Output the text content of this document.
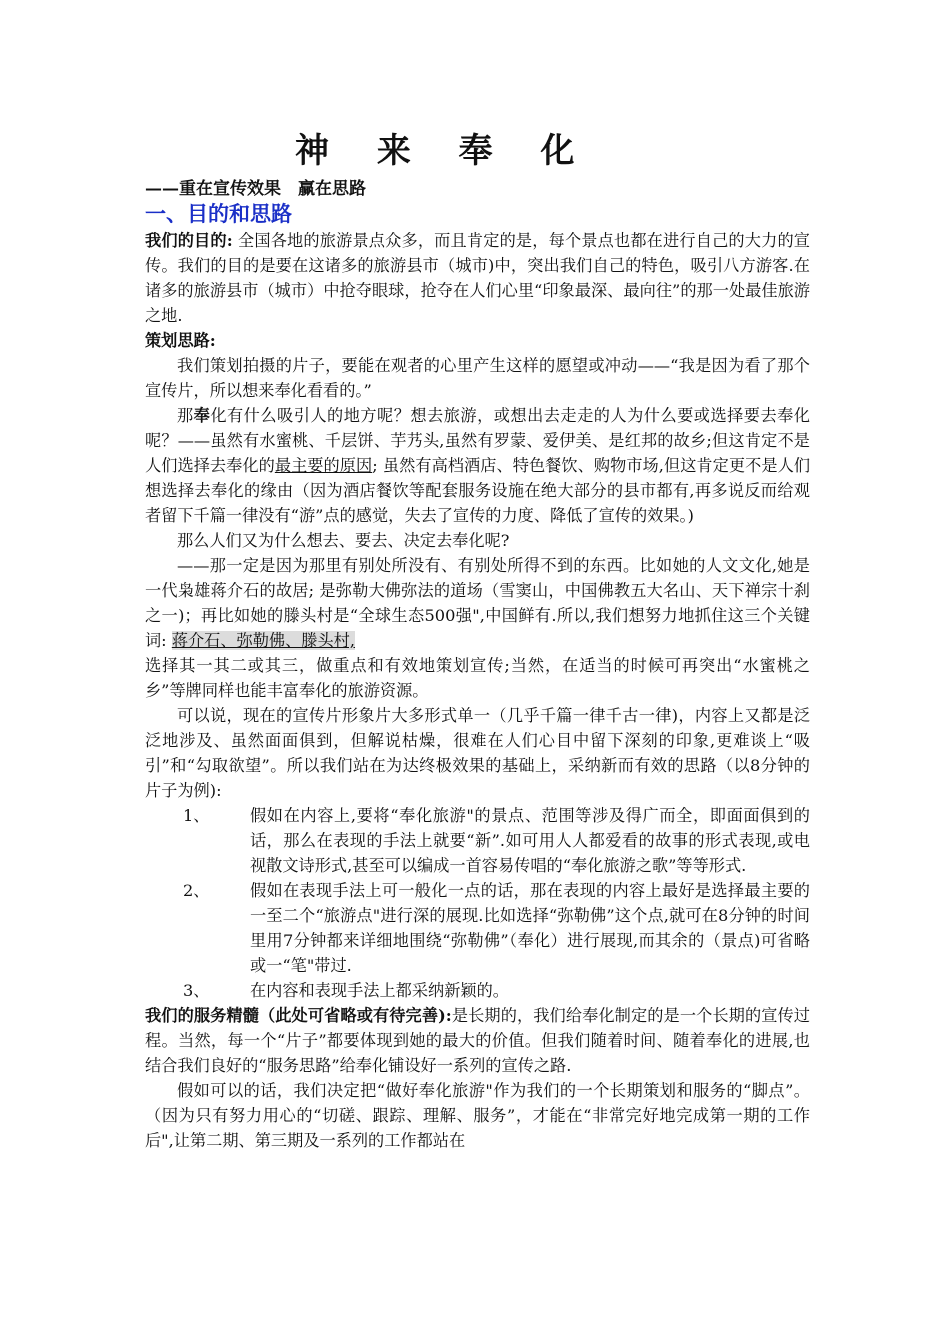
神 来 奉 化
——重在宣传效果　赢在思路
一、目的和思路

我们的目的: 全国各地的旅游景点众多，而且肯定的是，每个景点也都在进行自己的大力的宣传。我们的目的是要在这诸多的旅游县市（城市)中，突出我们自己的特色，吸引八方游客.在诸多的旅游县市（城市）中抢夺眼球，抢夺在人们心里“印象最深、最向往”的那一处最佳旅游之地.

策划思路:

我们策划拍摄的片子，要能在观者的心里产生这样的愿望或冲动——“我是因为看了那个宣传片，所以想来奉化看看的。”

那奉化有什么吸引人的地方呢？想去旅游，或想出去走走的人为什么要或选择要去奉化呢？——虽然有水蜜桃、千层饼、芋艿头,虽然有罗蒙、爱伊美、是红邦的故乡;但这肯定不是人们选择去奉化的最主要的原因; 虽然有高档酒店、特色餐饮、购物市场,但这肯定更不是人们想选择去奉化的缘由（因为酒店餐饮等配套服务设施在绝大部分的县市都有,再多说反而给观者留下千篇一律没有“游”点的感觉，失去了宣传的力度、降低了宣传的效果。)

那么人们又为什么想去、要去、决定去奉化呢?

——那一定是因为那里有别处所没有、有别处所得不到的东西。比如她的人文文化,她是一代枭雄蒋介石的故居; 是弥勒大佛弥法的道场（雪窦山，中国佛教五大名山、天下禅宗十刹之一)；再比如她的滕头村是“全球生态500强",中国鲜有.所以,我们想努力地抓住这三个关键词: 蒋介石、弥勒佛、滕头村,
选择其一其二或其三，做重点和有效地策划宣传;当然，在适当的时候可再突出“水蜜桃之乡”等牌同样也能丰富奉化的旅游资源。

可以说，现在的宣传片形象片大多形式单一（几乎千篇一律千古一律)，内容上又都是泛泛地涉及、虽然面面俱到，但解说枯燥，很难在人们心目中留下深刻的印象,更难谈上“吸引”和“勾取欲望”。所以我们站在为达终极效果的基础上，采纳新而有效的思路（以8分钟的片子为例):

1、	假如在内容上,要将“奉化旅游"的景点、范围等涉及得广而全，即面面俱到的话，那么在表现的手法上就要“新”.如可用人人都爱看的故事的形式表现,或电视散文诗形式,甚至可以编成一首容易传唱的“奉化旅游之歌”等等形式.
2、	假如在表现手法上可一般化一点的话，那在表现的内容上最好是选择最主要的一至二个“旅游点"进行深的展现.比如选择“弥勒佛”这个点,就可在8分钟的时间里用7分钟都来详细地围绕“弥勒佛”（奉化）进行展现,而其余的（景点)可省略或一“笔"带过.
3、	在内容和表现手法上都采纳新颖的。

我们的服务精髓（此处可省略或有待完善):是长期的，我们给奉化制定的是一个长期的宣传过程。当然，每一个“片子”都要体现到她的最大的价值。但我们随着时间、随着奉化的进展,也结合我们良好的“服务思路”给奉化铺设好一系列的宣传之路.

假如可以的话，我们决定把“做好奉化旅游"作为我们的一个长期策划和服务的“脚点”。（因为只有努力用心的“切磋、跟踪、理解、服务”，才能在“非常完好地完成第一期的工作后",让第二期、第三期及一系列的工作都站在
